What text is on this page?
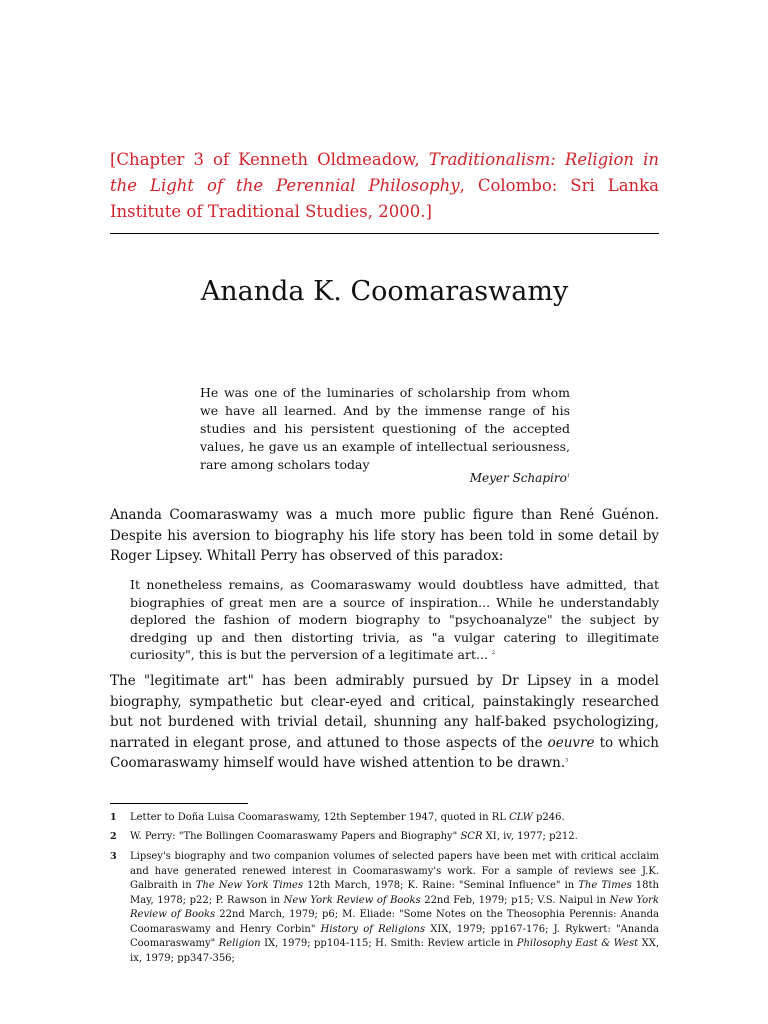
[Chapter 3 of Kenneth Oldmeadow, Traditionalism: Religion in the Light of the Perennial Philosophy, Colombo: Sri Lanka Institute of Traditional Studies, 2000.]
Ananda K. Coomaraswamy
He was one of the luminaries of scholarship from whom we have all learned. And by the immense range of his studies and his persistent questioning of the accepted values, he gave us an example of intellectual seriousness, rare among scholars today
Meyer Schapiro$^1$
Ananda Coomaraswamy was a much more public figure than René Guénon. Despite his aversion to biography his life story has been told in some detail by Roger Lipsey. Whitall Perry has observed of this paradox:
It nonetheless remains, as Coomaraswamy would doubtless have admitted, that biographies of great men are a source of inspiration... While he understandably deplored the fashion of modern biography to "psychoanalyze" the subject by dredging up and then distorting trivia, as "a vulgar catering to illegitimate curiosity", this is but the perversion of a legitimate art... $^2$
The "legitimate art" has been admirably pursued by Dr Lipsey in a model biography, sympathetic but clear-eyed and critical, painstakingly researched but not burdened with trivial detail, shunning any half-baked psychologizing, narrated in elegant prose, and attuned to those aspects of the oeuvre to which Coomaraswamy himself would have wished attention to be drawn.$^3$
1 Letter to Doña Luisa Coomaraswamy, 12th September 1947, quoted in RL CLW p246.
2 W. Perry: "The Bollingen Coomaraswamy Papers and Biography" SCR XI, iv, 1977; p212.
3 Lipsey's biography and two companion volumes of selected papers have been met with critical acclaim and have generated renewed interest in Coomaraswamy's work. For a sample of reviews see J.K. Galbraith in The New York Times 12th March, 1978; K. Raine: "Seminal Influence" in The Times 18th May, 1978; p22; P. Rawson in New York Review of Books 22nd Feb, 1979; p15; V.S. Naipul in New York Review of Books 22nd March, 1979; p6; M. Eliade: "Some Notes on the Theosophia Perennis: Ananda Coomaraswamy and Henry Corbin" History of Religions XIX, 1979; pp167-176; J. Rykwert: "Ananda Coomaraswamy" Religion IX, 1979; pp104-115; H. Smith: Review article in Philosophy East & West XX, ix, 1979; pp347-356;
